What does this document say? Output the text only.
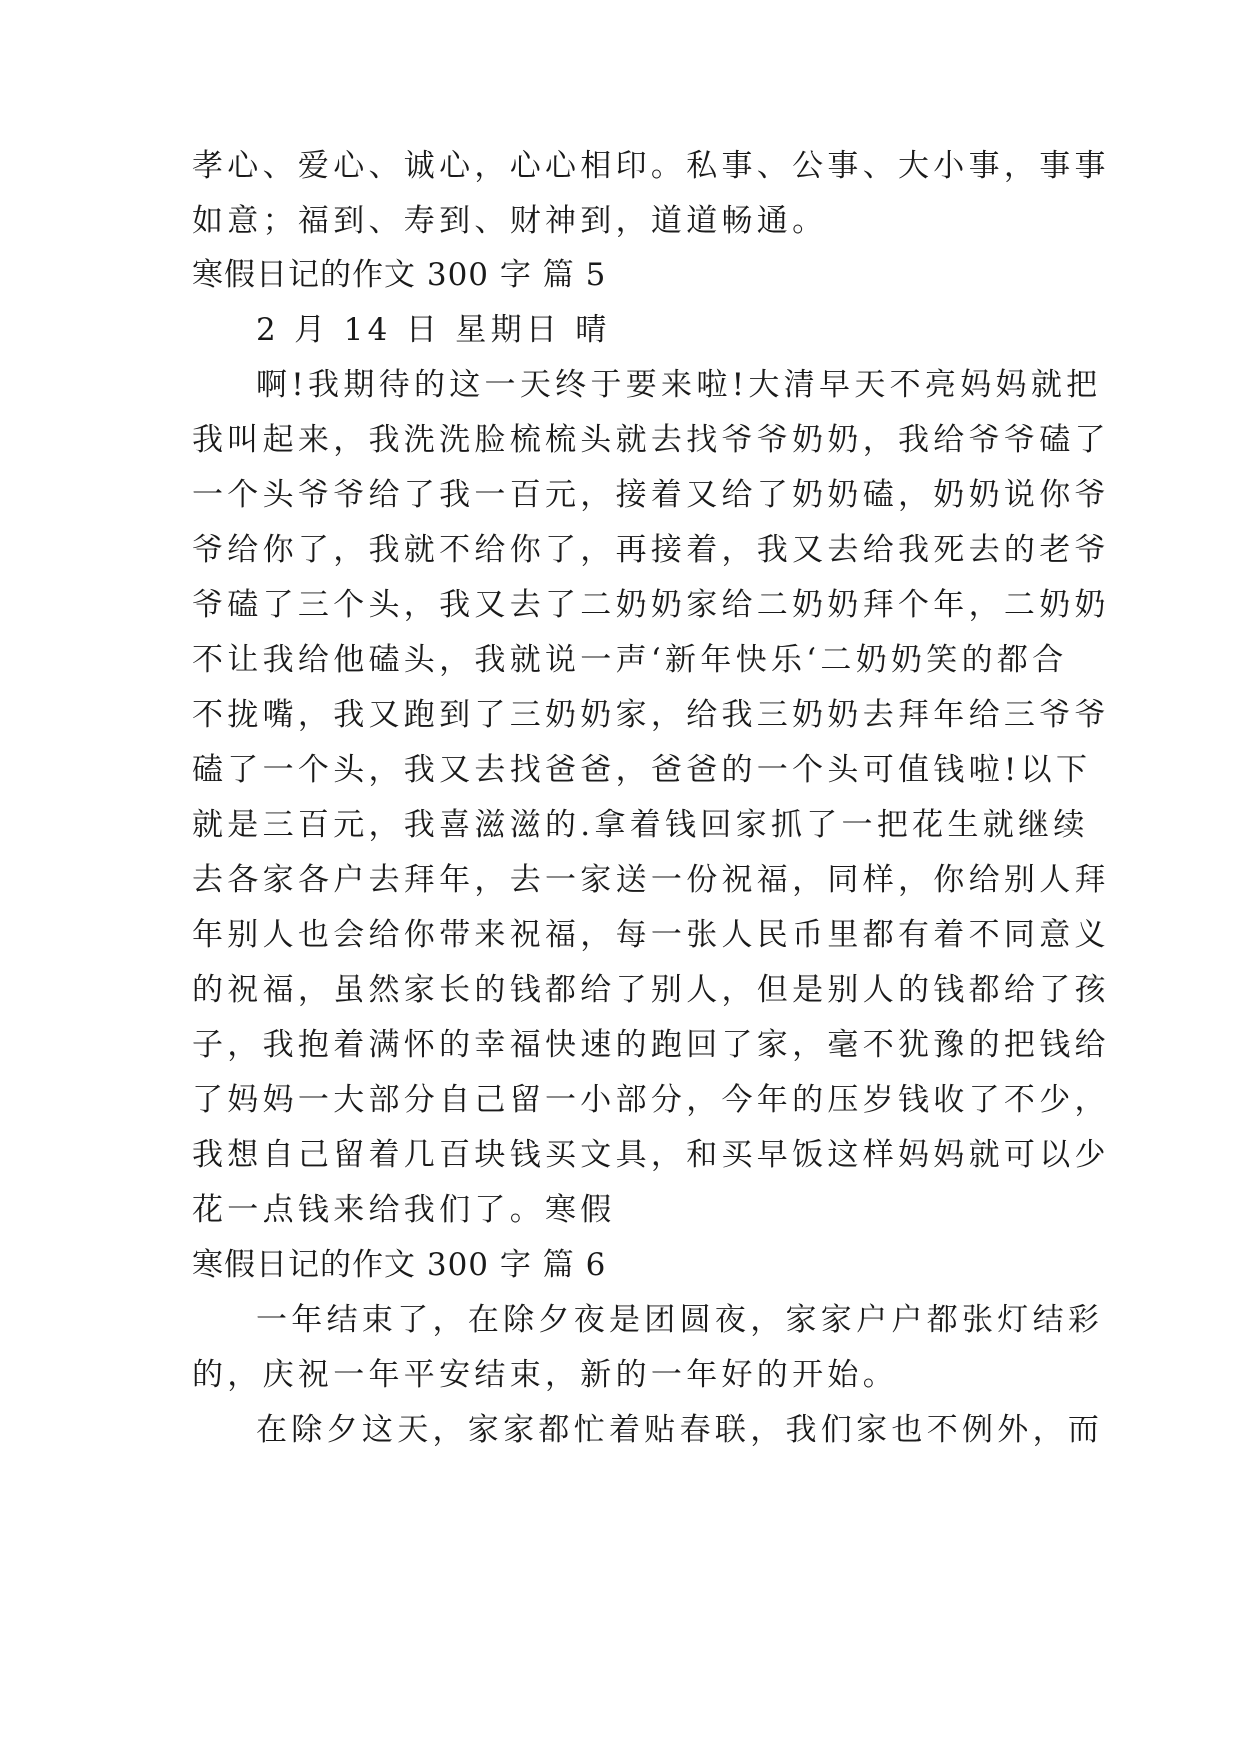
孝心、爱心、诚心，心心相印。私事、公事、大小事，事事

如意；福到、寿到、财神到，道道畅通。

寒假日记的作文 300 字 篇 5

2 月 14 日 星期日 晴

啊!我期待的这一天终于要来啦!大清早天不亮妈妈就把

我叫起来，我洗洗脸梳梳头就去找爷爷奶奶，我给爷爷磕了

一个头爷爷给了我一百元，接着又给了奶奶磕，奶奶说你爷

爷给你了，我就不给你了，再接着，我又去给我死去的老爷

爷磕了三个头，我又去了二奶奶家给二奶奶拜个年，二奶奶

不让我给他磕头，我就说一声‘新年快乐‘二奶奶笑的都合

不拢嘴，我又跑到了三奶奶家，给我三奶奶去拜年给三爷爷

磕了一个头，我又去找爸爸，爸爸的一个头可值钱啦!以下

就是三百元，我喜滋滋的.拿着钱回家抓了一把花生就继续

去各家各户去拜年，去一家送一份祝福，同样，你给别人拜

年别人也会给你带来祝福，每一张人民币里都有着不同意义

的祝福，虽然家长的钱都给了别人，但是别人的钱都给了孩

子，我抱着满怀的幸福快速的跑回了家，毫不犹豫的把钱给

了妈妈一大部分自己留一小部分，今年的压岁钱收了不少，

我想自己留着几百块钱买文具，和买早饭这样妈妈就可以少

花一点钱来给我们了。寒假

寒假日记的作文 300 字 篇 6

一年结束了，在除夕夜是团圆夜，家家户户都张灯结彩

的，庆祝一年平安结束，新的一年好的开始。

在除夕这天，家家都忙着贴春联，我们家也不例外，而
